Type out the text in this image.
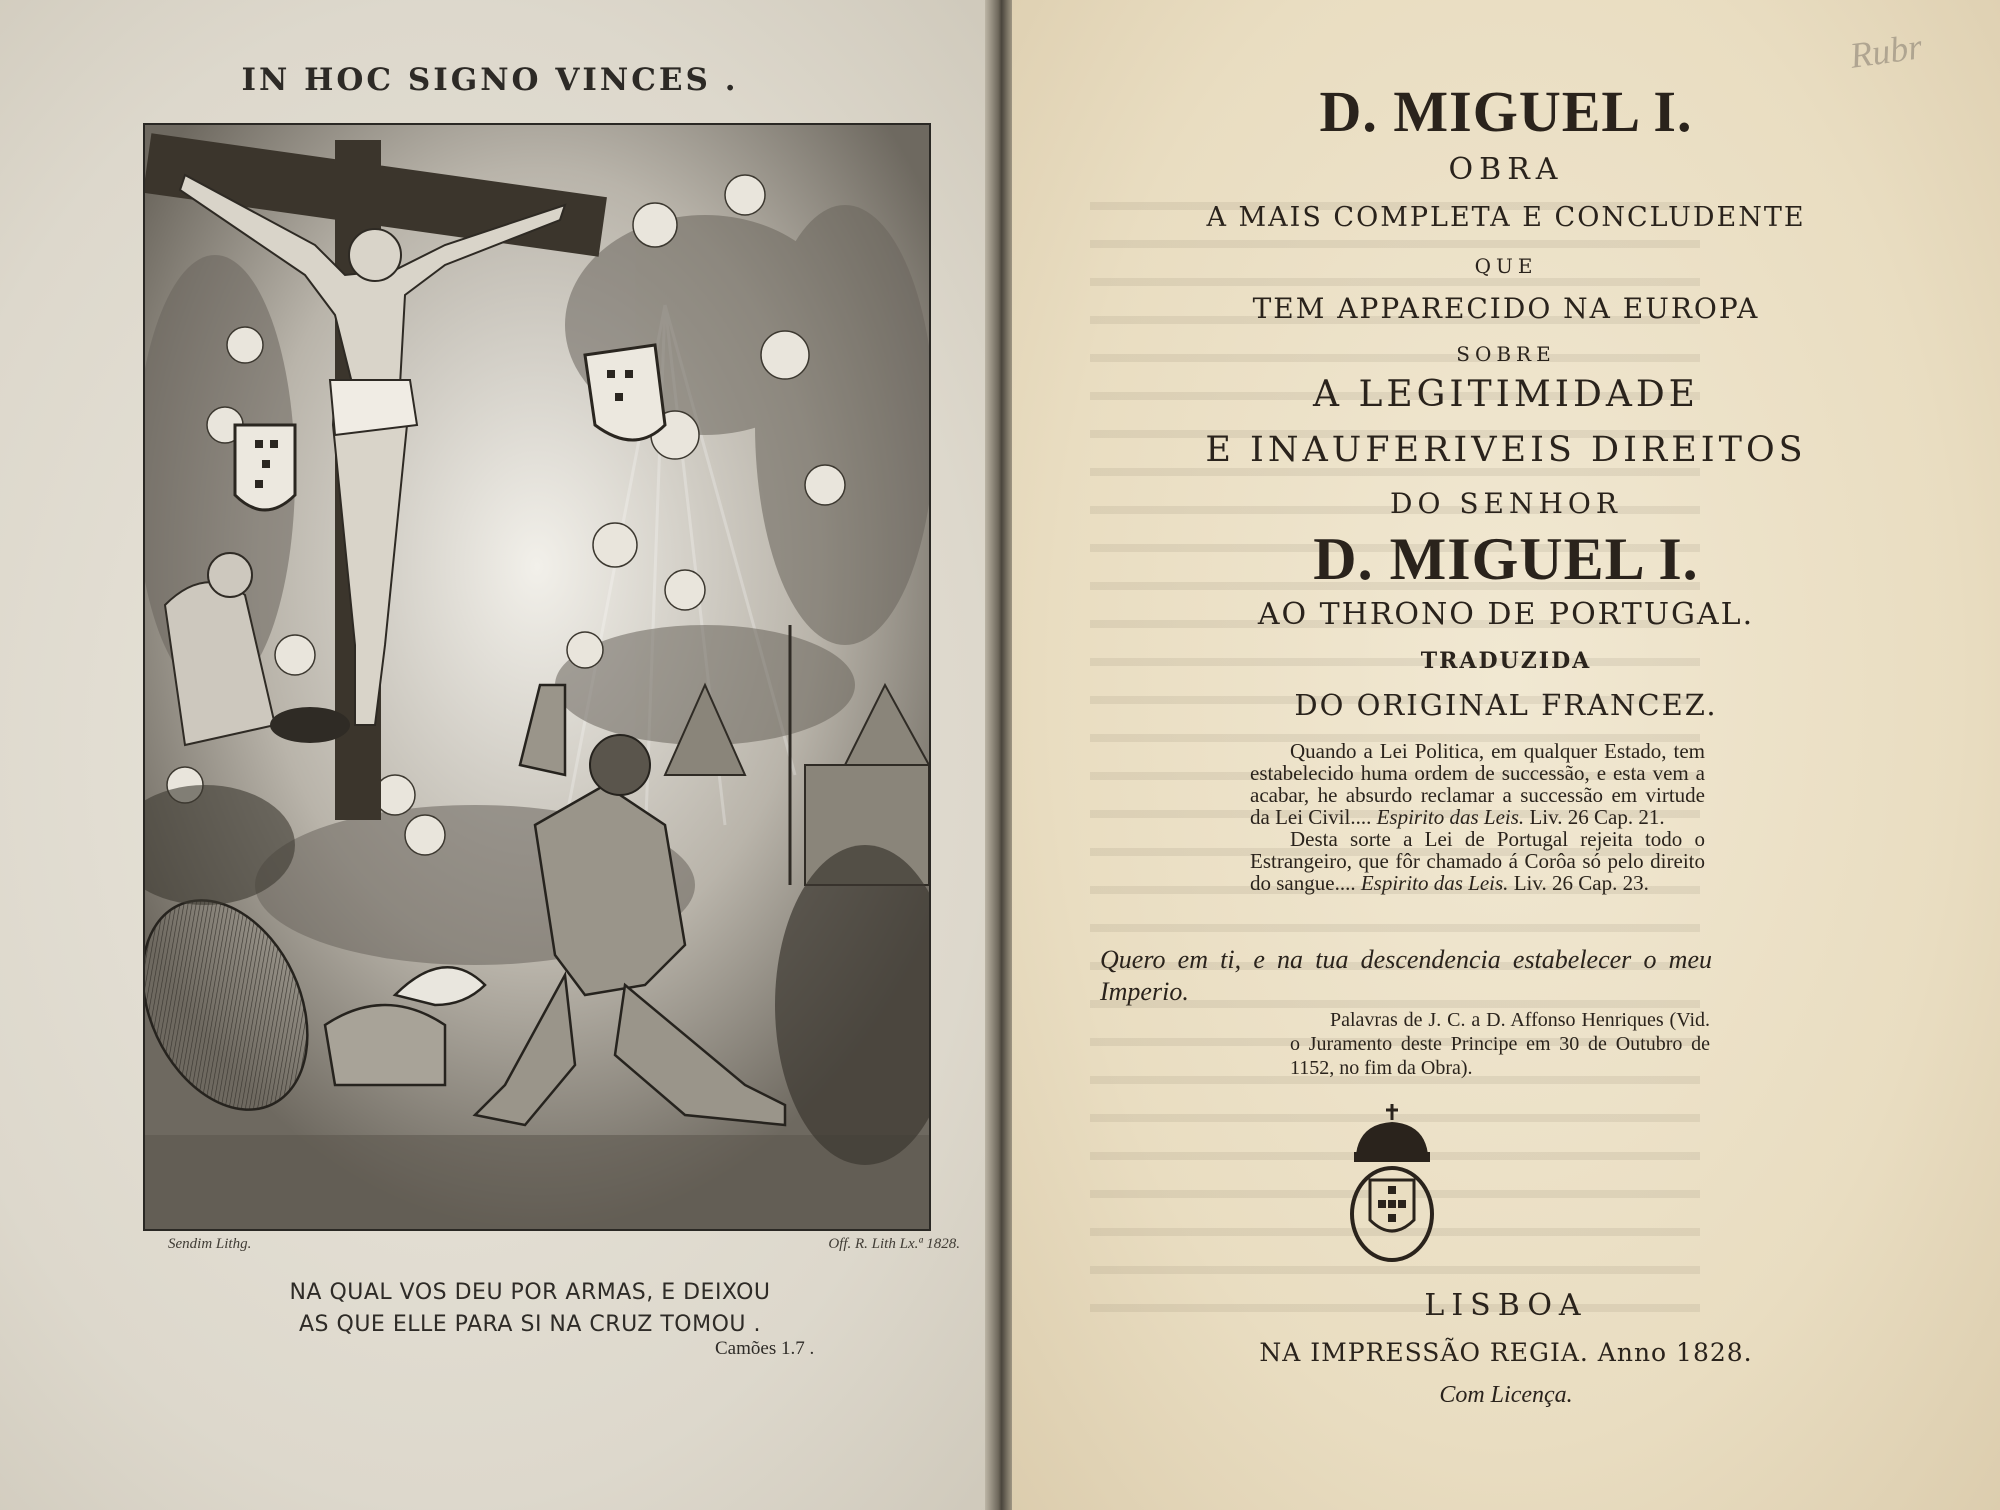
IN HOC SIGNO VINCES .
Sendim Lithg.	Off. R. Lith Lx.ª 1828.
NA QUAL VOS DEU POR ARMAS, E DEIXOU
AS QUE ELLE PARA SI NA CRUZ TOMOU .
Camões 1.7 .
Rubr
D. MIGUEL I.
OBRA
A MAIS COMPLETA E CONCLUDENTE
QUE
TEM APPARECIDO NA EUROPA
SOBRE
A LEGITIMIDADE
E INAUFERIVEIS DIREITOS
DO SENHOR
D. MIGUEL I.
AO THRONO DE PORTUGAL.
TRADUZIDA
DO ORIGINAL FRANCEZ.

Quando a Lei Politica, em qualquer Estado, tem estabelecido huma ordem de successão, e esta vem a acabar, he absurdo reclamar a successão em virtude da Lei Civil.... Espirito das Leis. Liv. 26 Cap. 21.

Desta sorte a Lei de Portugal rejeita todo o Estrangeiro, que fôr chamado á Corôa só pelo direito do sangue.... Espirito das Leis. Liv. 26 Cap. 23.

Quero em ti, e na tua descendencia estabelecer o meu Imperio.

Palavras de J. C. a D. Affonso Henriques (Vid. o Juramento deste Principe em 30 de Outubro de 1152, no fim da Obra).

LISBOA
NA IMPRESSÃO REGIA. Anno 1828.
Com Licença.
